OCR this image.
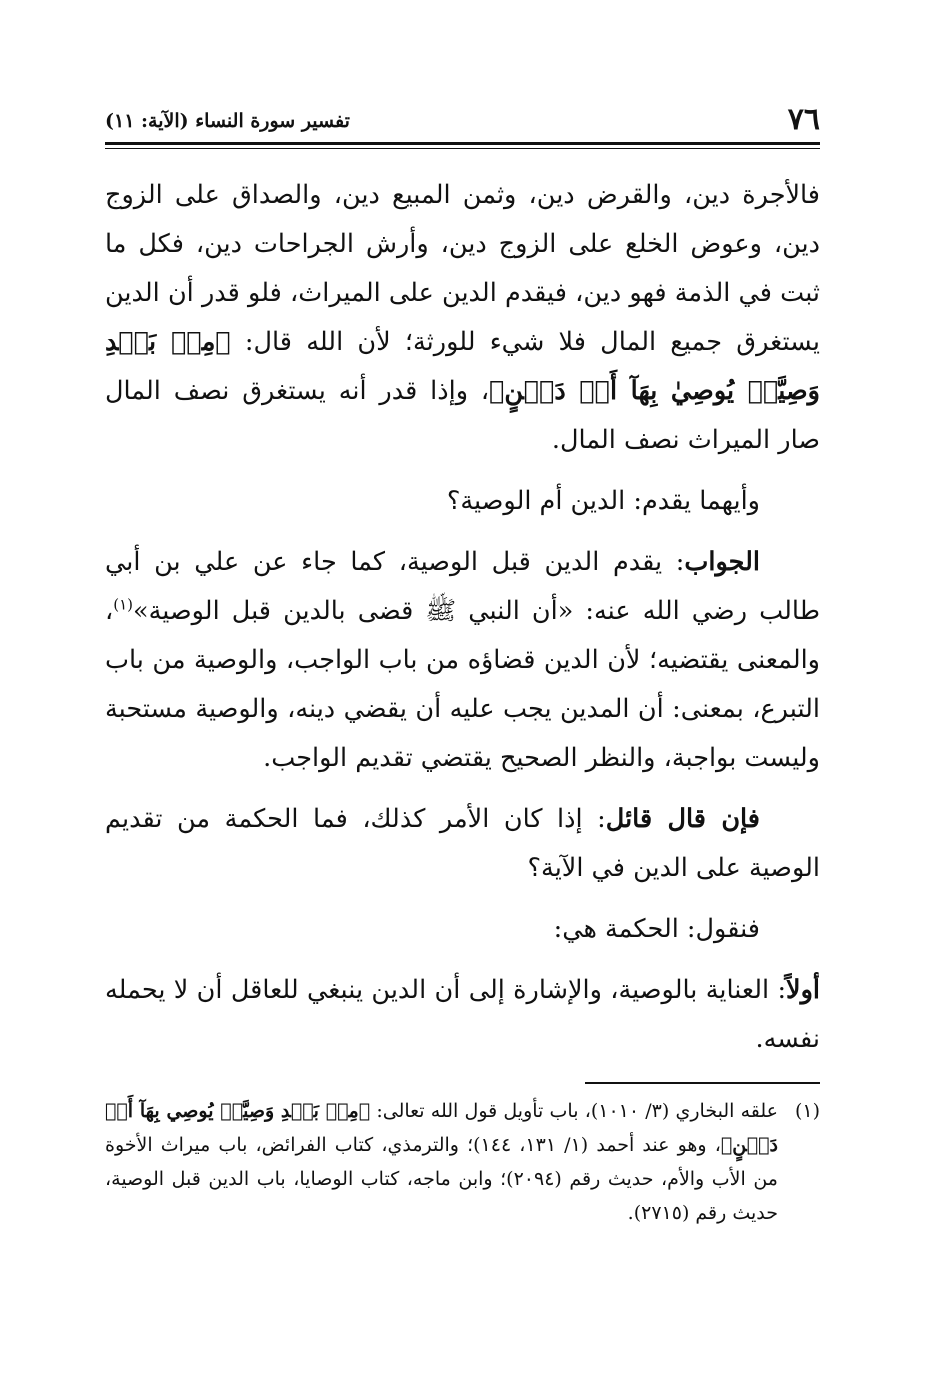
٧٦
تفسير سورة النساء (الآية: ١١)

فالأجرة دين، والقرض دين، وثمن المبيع دين، والصداق على الزوج دين، وعوض الخلع على الزوج دين، وأرش الجراحات دين، فكل ما ثبت في الذمة فهو دين، فيقدم الدين على الميراث، فلو قدر أن الدين يستغرق جميع المال فلا شيء للورثة؛ لأن الله قال: ﴿مِنۢ بَعۡدِ وَصِيَّةٖ يُوصِيٰ بِهَآ أَوۡ دَيۡنٍ﴾، وإذا قدر أنه يستغرق نصف المال صار الميراث نصف المال.

وأيهما يقدم: الدين أم الوصية؟

الجواب: يقدم الدين قبل الوصية، كما جاء عن علي بن أبي طالب رضي الله عنه: «أن النبي ﷺ قضى بالدين قبل الوصية»$^{(١)}$، والمعنى يقتضيه؛ لأن الدين قضاؤه من باب الواجب، والوصية من باب التبرع، بمعنى: أن المدين يجب عليه أن يقضي دينه، والوصية مستحبة وليست بواجبة، والنظر الصحيح يقتضي تقديم الواجب.

فإن قال قائل: إذا كان الأمر كذلك، فما الحكمة من تقديم الوصية على الدين في الآية؟

فنقول: الحكمة هي:

أولاً: العناية بالوصية، والإشارة إلى أن الدين ينبغي للعاقل أن لا يحمله نفسه.

(١)
علقه البخاري (٣/ ١٠١٠)، باب تأويل قول الله تعالى: ﴿مِنۢ بَعۡدِ وَصِيَّةٖ يُوصِي بِهَآ أَوۡ دَيۡنٍ﴾، وهو عند أحمد (١/ ١٣١، ١٤٤)؛ والترمذي، كتاب الفرائض، باب ميراث الأخوة من الأب والأم، حديث رقم (٢٠٩٤)؛ وابن ماجه، كتاب الوصايا، باب الدين قبل الوصية، حديث رقم (٢٧١٥).
